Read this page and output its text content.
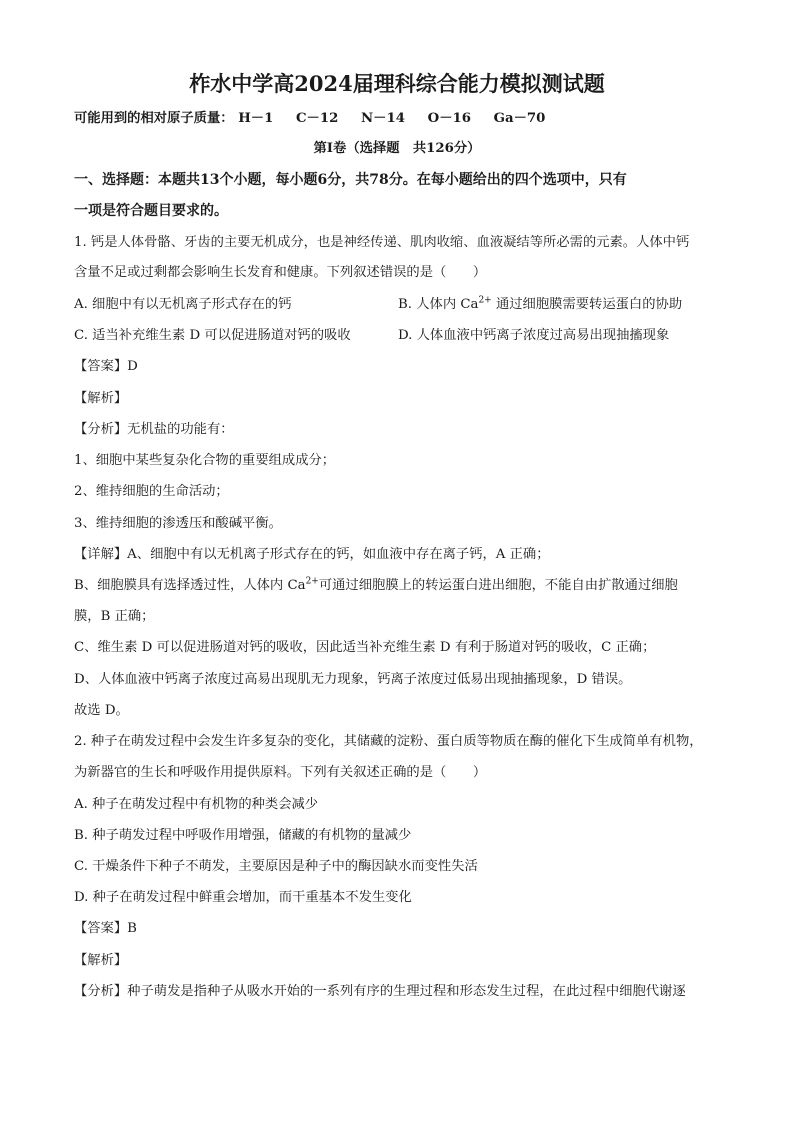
柞水中学高2024届理科综合能力模拟测试题
可能用到的相对原子质量： H－1 C－12 N－14 O－16 Ga－70
第Ⅰ卷（选择题　共126分）
一、选择题：本题共13个小题，每小题6分，共78分。在每小题给出的四个选项中，只有
一项是符合题目要求的。
1. 钙是人体骨骼、牙齿的主要无机成分，也是神经传递、肌肉收缩、血液凝结等所必需的元素。人体中钙
含量不足或过剩都会影响生长发育和健康。下列叙述错误的是（　　）
A. 细胞中有以无机离子形式存在的钙	B. 人体内 $Ca^{2+}$ 通过细胞膜需要转运蛋白的协助
C. 适当补充维生素 D 可以促进肠道对钙的吸收	D. 人体血液中钙离子浓度过高易出现抽搐现象
【答案】D
【解析】
【分析】无机盐的功能有：
1、细胞中某些复杂化合物的重要组成成分；
2、维持细胞的生命活动；
3、维持细胞的渗透压和酸碱平衡。
【详解】A、细胞中有以无机离子形式存在的钙，如血液中存在离子钙，A 正确；
B、细胞膜具有选择透过性，人体内 $Ca^{2+}$可通过细胞膜上的转运蛋白进出细胞，不能自由扩散通过细胞
膜，B 正确；
C、维生素 D 可以促进肠道对钙的吸收，因此适当补充维生素 D 有利于肠道对钙的吸收，C 正确；
D、人体血液中钙离子浓度过高易出现肌无力现象，钙离子浓度过低易出现抽搐现象，D 错误。
故选 D。
2. 种子在萌发过程中会发生许多复杂的变化，其储藏的淀粉、蛋白质等物质在酶的催化下生成简单有机物，
为新器官的生长和呼吸作用提供原料。下列有关叙述正确的是（　　）
A. 种子在萌发过程中有机物的种类会减少
B. 种子萌发过程中呼吸作用增强，储藏的有机物的量减少
C. 干燥条件下种子不萌发，主要原因是种子中的酶因缺水而变性失活
D. 种子在萌发过程中鲜重会增加，而干重基本不发生变化
【答案】B
【解析】
【分析】种子萌发是指种子从吸水开始的一系列有序的生理过程和形态发生过程，在此过程中细胞代谢逐
